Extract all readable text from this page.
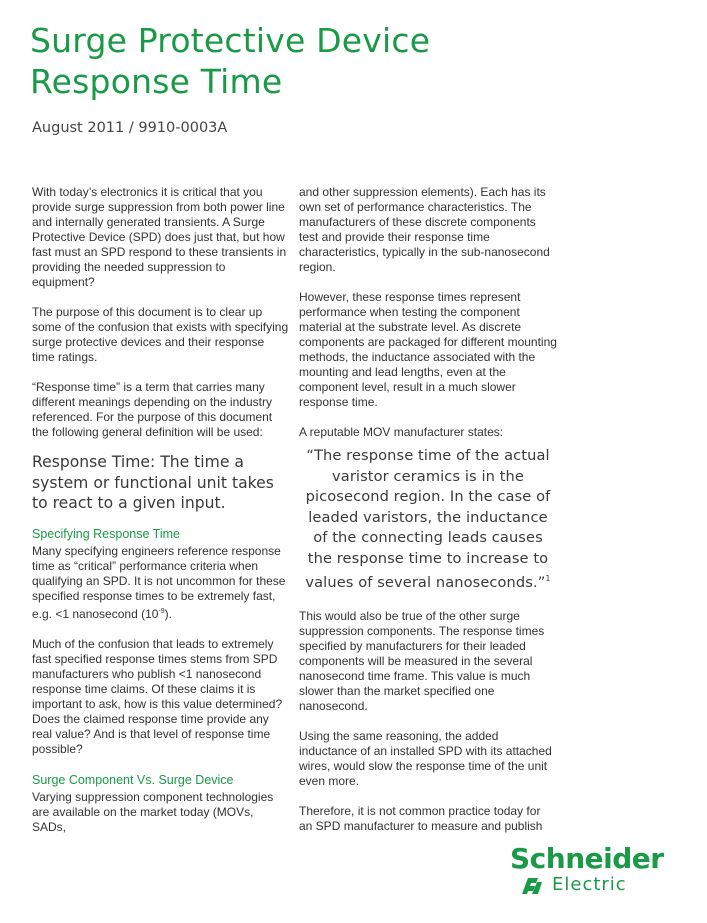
Surge Protective Device
Response Time
August 2011 / 9910-0003A

With today’s electronics it is critical that you provide surge suppression from both power line and internally generated transients. A Surge Protective Device (SPD) does just that, but how fast must an SPD respond to these transients in providing the needed suppression to equipment?

The purpose of this document is to clear up some of the confusion that exists with specifying surge protective devices and their response time ratings.

“Response time” is a term that carries many different meanings depending on the industry referenced. For the purpose of this document the following general definition will be used:

Response Time: The time a system or functional unit takes to react to a given input.
Specifying Response Time

Many specifying engineers reference response time as “critical” performance criteria when qualifying an SPD. It is not uncommon for these specified response times to be extremely fast, e.g. <1 nanosecond $(10^{-9})$.

Much of the confusion that leads to extremely fast specified response times stems from SPD manufacturers who publish <1 nanosecond response time claims. Of these claims it is important to ask, how is this value determined? Does the claimed response time provide any real value? And is that level of response time possible?

Surge Component Vs. Surge Device

Varying suppression component technologies are available on the market today (MOVs, SADs,

and other suppression elements). Each has its own set of performance characteristics. The manufacturers of these discrete components test and provide their response time characteristics, typically in the sub-nanosecond region.

However, these response times represent performance when testing the component material at the substrate level. As discrete components are packaged for different mounting methods, the inductance associated with the mounting and lead lengths, even at the component level, result in a much slower response time.

A reputable MOV manufacturer states:

“The response time of the actual varistor ceramics is in the picosecond region. In the case of leaded varistors, the inductance of the connecting leads causes the response time to increase to values of several nanoseconds.”$^1$

This would also be true of the other surge suppression components. The response times specified by manufacturers for their leaded components will be measured in the several nanosecond time frame. This value is much slower than the market specified one nanosecond.

Using the same reasoning, the added inductance of an installed SPD with its attached wires, would slow the response time of the unit even more.

Therefore, it is not common practice today for an SPD manufacturer to measure and publish

Schneider
Electric
